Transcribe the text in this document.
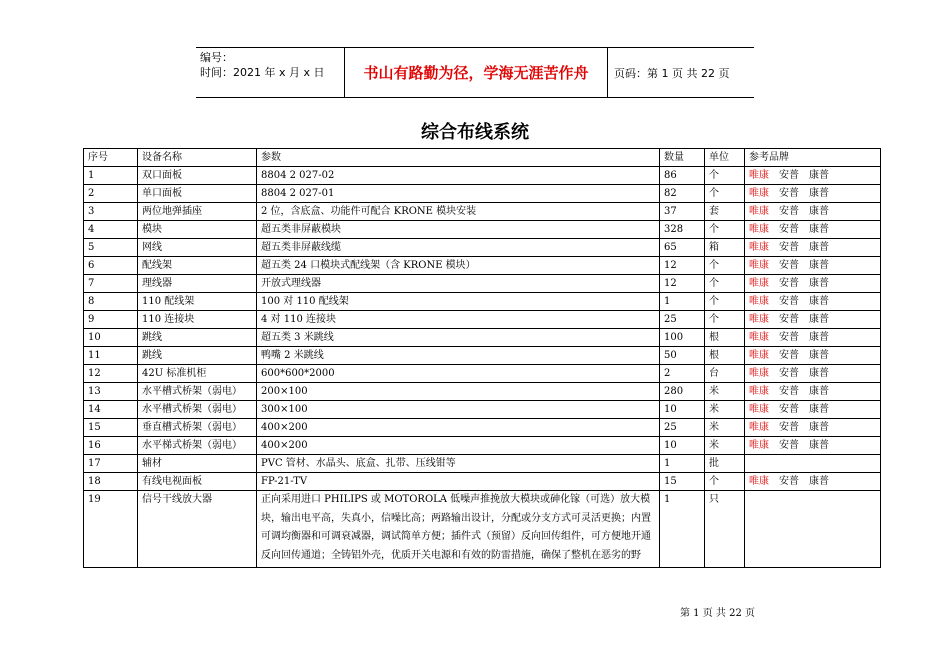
编号：
时间：2021 年 x 月 x 日	书山有路勤为径，学海无涯苦作舟	页码：第 1 页 共 22 页
综合布线系统
序号	设备名称	参数	数量	单位	参考品牌
1	双口面板	8804 2 027-02	86	个	唯康 安普 康普
2	单口面板	8804 2 027-01	82	个	唯康 安普 康普
3	两位地弹插座	2 位，含底盒、功能件可配合 KRONE 模块安装	37	套	唯康 安普 康普
4	模块	超五类非屏蔽模块	328	个	唯康 安普 康普
5	网线	超五类非屏蔽线缆	65	箱	唯康 安普 康普
6	配线架	超五类 24 口模块式配线架（含 KRONE 模块）	12	个	唯康 安普 康普
7	理线器	开放式理线器	12	个	唯康 安普 康普
8	110 配线架	100 对 110 配线架	1	个	唯康 安普 康普
9	110 连接块	4 对 110 连接块	25	个	唯康 安普 康普
10	跳线	超五类 3 米跳线	100	根	唯康 安普 康普
11	跳线	鸭嘴 2 米跳线	50	根	唯康 安普 康普
12	42U 标准机柜	600*600*2000	2	台	唯康 安普 康普
13	水平槽式桥架（弱电）	200×100	280	米	唯康 安普 康普
14	水平槽式桥架（弱电）	300×100	10	米	唯康 安普 康普
15	垂直槽式桥架（弱电）	400×200	25	米	唯康 安普 康普
16	水平梯式桥架（弱电）	400×200	10	米	唯康 安普 康普
17	辅材	PVC 管材、水晶头、底盒、扎带、压线钳等	1	批	
18	有线电视面板	FP-21-TV	15	个	唯康 安普 康普
19	信号干线放大器	正向采用进口 PHILIPS 或 MOTOROLA 低噪声推挽放大模块或砷化镓（可选）放大模块，输出电平高，失真小，信噪比高；两路输出设计，分配或分支方式可灵活更换；内置可调均衡器和可调衰减器，调试简单方便；插件式（预留）反向回传组件，可方便地开通反向回传通道；全铸铝外壳，优质开关电源和有效的防雷措施，确保了整机在恶劣的野	1	只	
第 1 页 共 22 页
